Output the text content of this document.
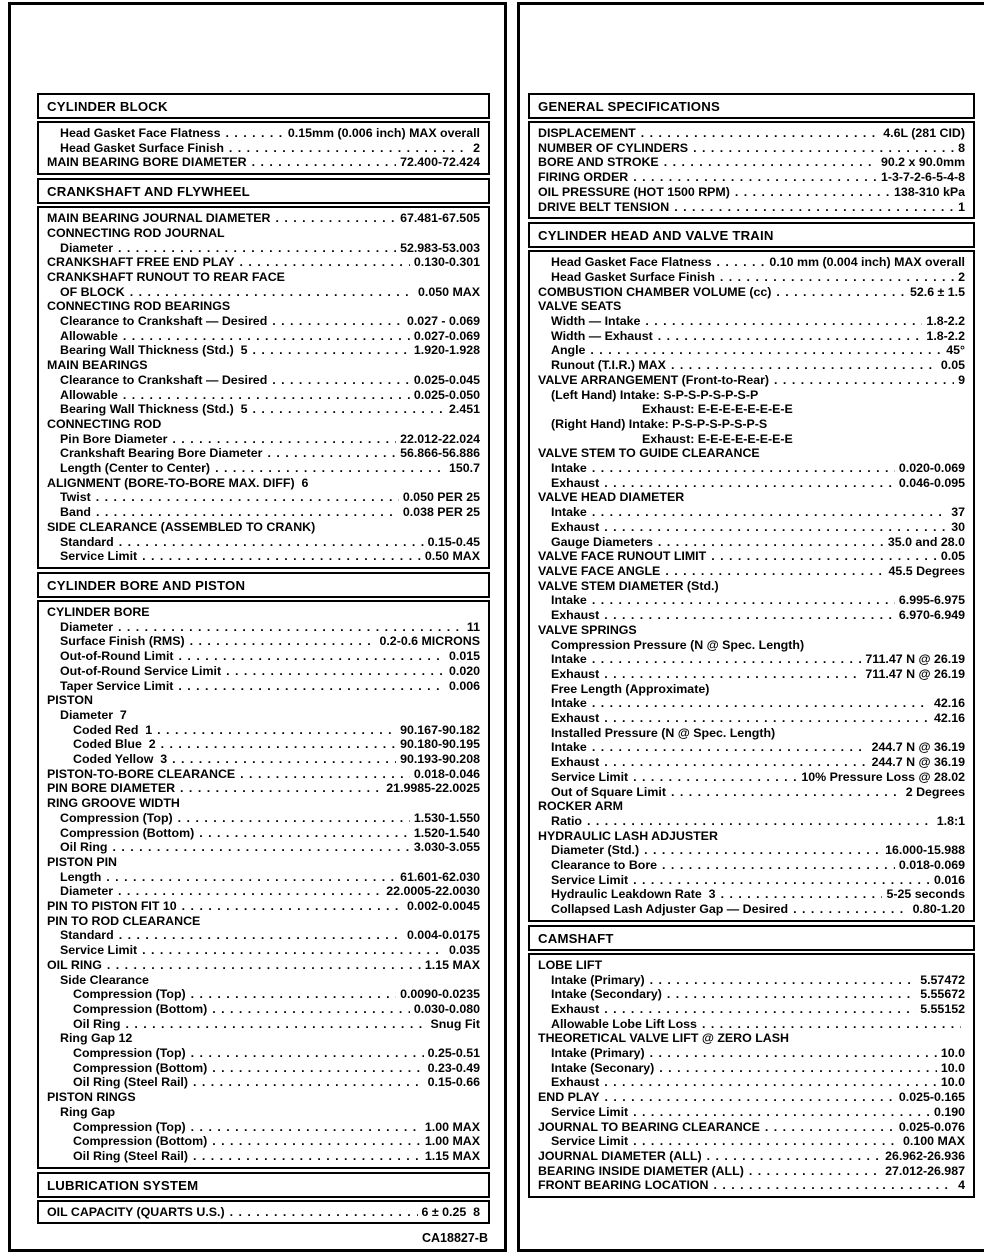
CYLINDER BLOCK
Head Gasket Face Flatness . . .	0.15mm (0.006 inch) MAX overall
Head Gasket Surface Finish . . .	2
MAIN BEARING BORE DIAMETER . . .	72.400-72.424
CRANKSHAFT AND FLYWHEEL
MAIN BEARING JOURNAL DIAMETER . . .	67.481-67.505
CONNECTING ROD JOURNAL
Diameter . . .	52.983-53.003
CRANKSHAFT FREE END PLAY . . .	0.130-0.301
CRANKSHAFT RUNOUT TO REAR FACE
OF BLOCK . . .	0.050 MAX
CONNECTING ROD BEARINGS
Clearance to Crankshaft — Desired . . .	0.027 - 0.069
Allowable . . .	0.027-0.069
Bearing Wall Thickness (Std.)  5 . . .	1.920-1.928
MAIN BEARINGS
Clearance to Crankshaft — Desired . . .	0.025-0.045
Allowable . . .	0.025-0.050
Bearing Wall Thickness (Std.)  5 . . .	2.451
CONNECTING ROD
Pin Bore Diameter . . .	22.012-22.024
Crankshaft Bearing Bore Diameter . . .	56.866-56.886
Length (Center to Center) . . .	150.7
ALIGNMENT (BORE-TO-BORE MAX. DIFF)  6
Twist . . .	0.050 PER 25
Band . . .	0.038 PER 25
SIDE CLEARANCE (ASSEMBLED TO CRANK)
Standard . . .	0.15-0.45
Service Limit . . .	0.50 MAX
CYLINDER BORE AND PISTON
CYLINDER BORE
Diameter . . .	11
Surface Finish (RMS) . . .	0.2-0.6 MICRONS
Out-of-Round Limit . . .	0.015
Out-of-Round Service Limit . . .	0.020
Taper Service Limit . . .	0.006
PISTON
Diameter  7
Coded Red  1 . . .	90.167-90.182
Coded Blue  2 . . .	90.180-90.195
Coded Yellow  3 . . .	90.193-90.208
PISTON-TO-BORE CLEARANCE . . .	0.018-0.046
PIN BORE DIAMETER . . .	21.9985-22.0025
RING GROOVE WIDTH
Compression (Top) . . .	1.530-1.550
Compression (Bottom) . . .	1.520-1.540
Oil Ring . . .	3.030-3.055
PISTON PIN
Length . . .	61.601-62.030
Diameter . . .	22.0005-22.0030
PIN TO PISTON FIT 10 . . .	0.002-0.0045
PIN TO ROD CLEARANCE
Standard . . .	0.004-0.0175
Service Limit . . .	0.035
OIL RING . . .	1.15 MAX
Side Clearance
Compression (Top) . . .	0.0090-0.0235
Compression (Bottom) . . .	0.030-0.080
Oil Ring . . .	Snug Fit
Ring Gap 12
Compression (Top) . . .	0.25-0.51
Compression (Bottom) . . .	0.23-0.49
Oil Ring (Steel Rail) . . .	0.15-0.66
PISTON RINGS
Ring Gap
Compression (Top) . . .	1.00 MAX
Compression (Bottom) . . .	1.00 MAX
Oil Ring (Steel Rail) . . .	1.15 MAX
LUBRICATION SYSTEM
OIL CAPACITY (QUARTS U.S.) . . .	6 ± 0.25  8
CA18827-B
GENERAL SPECIFICATIONS
DISPLACEMENT . . .	4.6L (281 CID)
NUMBER OF CYLINDERS . . .	8
BORE AND STROKE . . .	90.2 x 90.0mm
FIRING ORDER . . .	1-3-7-2-6-5-4-8
OIL PRESSURE (HOT 1500 RPM) . . .	138-310 kPa
DRIVE BELT TENSION . . .	1
CYLINDER HEAD AND VALVE TRAIN
Head Gasket Face Flatness . . .	0.10 mm (0.004 inch) MAX overall
Head Gasket Surface Finish . . .	2
COMBUSTION CHAMBER VOLUME (cc) . . .	52.6 ± 1.5
VALVE SEATS
Width — Intake . . .	1.8-2.2
Width — Exhaust . . .	1.8-2.2
Angle . . .	45°
Runout (T.I.R.) MAX . . .	0.05
VALVE ARRANGEMENT (Front-to-Rear) . . .	9
(Left Hand) Intake: S-P-S-P-S-P-S-P
Exhaust: E-E-E-E-E-E-E-E
(Right Hand) Intake: P-S-P-S-P-S-P-S
Exhaust: E-E-E-E-E-E-E-E
VALVE STEM TO GUIDE CLEARANCE
Intake . . .	0.020-0.069
Exhaust . . .	0.046-0.095
VALVE HEAD DIAMETER
Intake . . .	37
Exhaust . . .	30
Gauge Diameters . . .	35.0 and 28.0
VALVE FACE RUNOUT LIMIT . . .	0.05
VALVE FACE ANGLE . . .	45.5 Degrees
VALVE STEM DIAMETER (Std.)
Intake . . .	6.995-6.975
Exhaust . . .	6.970-6.949
VALVE SPRINGS
Compression Pressure (N @ Spec. Length)
Intake . . .	711.47 N @ 26.19
Exhaust . . .	711.47 N @ 26.19
Free Length (Approximate)
Intake . . .	42.16
Exhaust . . .	42.16
Installed Pressure (N @ Spec. Length)
Intake . . .	244.7 N @ 36.19
Exhaust . . .	244.7 N @ 36.19
Service Limit . . .	10% Pressure Loss @ 28.02
Out of Square Limit . . .	2 Degrees
ROCKER ARM
Ratio . . .	1.8:1
HYDRAULIC LASH ADJUSTER
Diameter (Std.) . . .	16.000-15.988
Clearance to Bore . . .	0.018-0.069
Service Limit . . .	0.016
Hydraulic Leakdown Rate  3 . . .	5-25 seconds
Collapsed Lash Adjuster Gap — Desired . . .	0.80-1.20
CAMSHAFT
LOBE LIFT
Intake (Primary) . . .	5.57472
Intake (Secondary) . . .	5.55672
Exhaust . . .	5.55152
Allowable Lobe Lift Loss
. . .
THEORETICAL VALVE LIFT @ ZERO LASH
Intake (Primary) . . .	10.0
Intake (Seconary) . . .	10.0
Exhaust . . .	10.0
END PLAY . . .	0.025-0.165
Service Limit . . .	0.190
JOURNAL TO BEARING CLEARANCE . . .	0.025-0.076
Service Limit . . .	0.100 MAX
JOURNAL DIAMETER (ALL) . . .	26.962-26.936
BEARING INSIDE DIAMETER (ALL) . . .	27.012-26.987
FRONT BEARING LOCATION . . .	4
